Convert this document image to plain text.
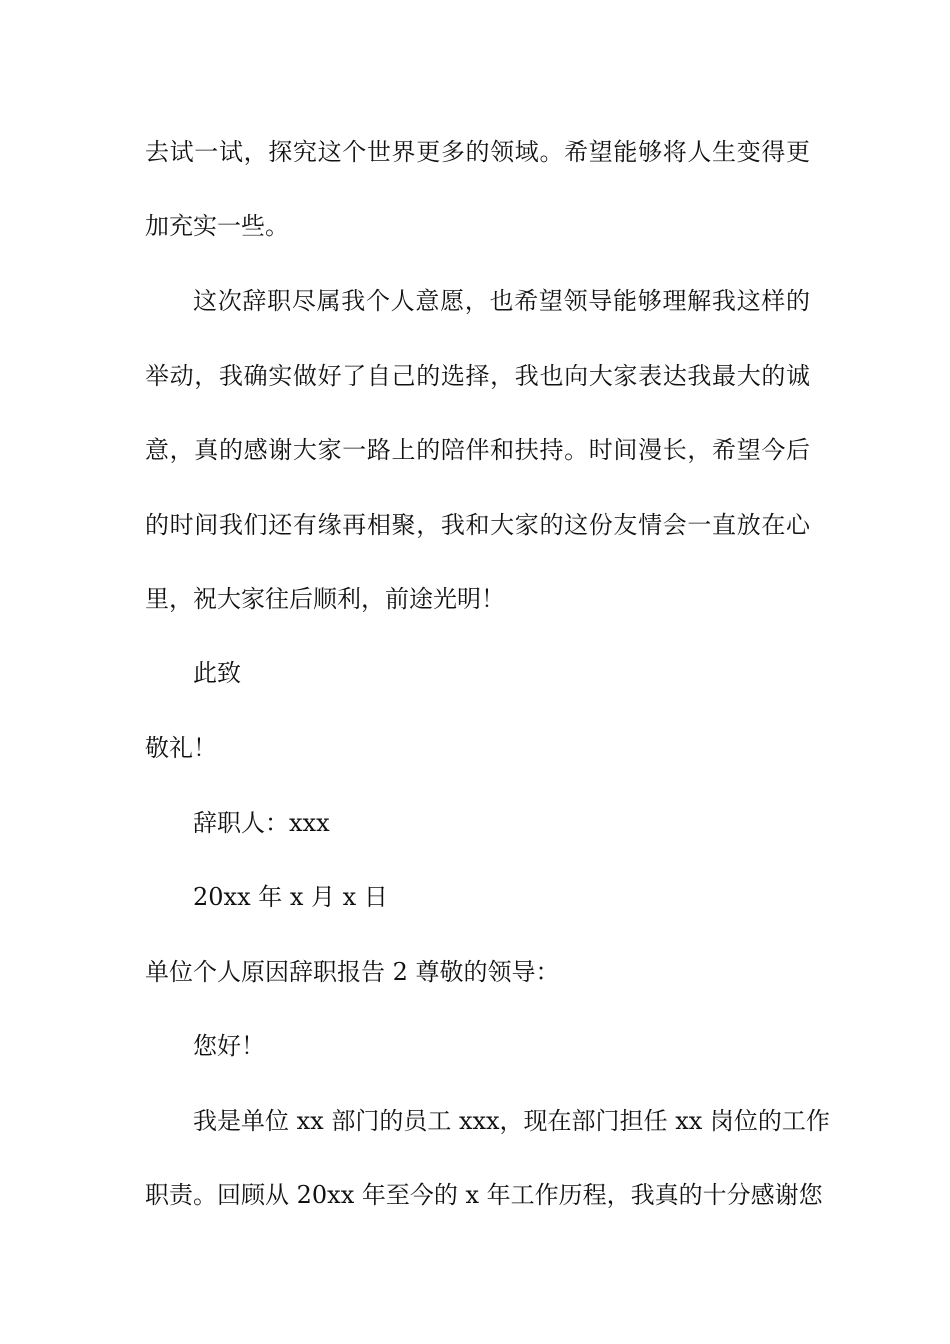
去试一试，探究这个世界更多的领域。希望能够将人生变得更

加充实一些。

这次辞职尽属我个人意愿，也希望领导能够理解我这样的

举动，我确实做好了自己的选择，我也向大家表达我最大的诚

意，真的感谢大家一路上的陪伴和扶持。时间漫长，希望今后

的时间我们还有缘再相聚，我和大家的这份友情会一直放在心

里，祝大家往后顺利，前途光明！

此致

敬礼！

辞职人：xxx

20xx 年 x 月 x 日

单位个人原因辞职报告 2 尊敬的领导：

您好！

我是单位 xx 部门的员工 xxx，现在部门担任 xx 岗位的工作

职责。回顾从 20xx 年至今的 x 年工作历程，我真的十分感谢您
